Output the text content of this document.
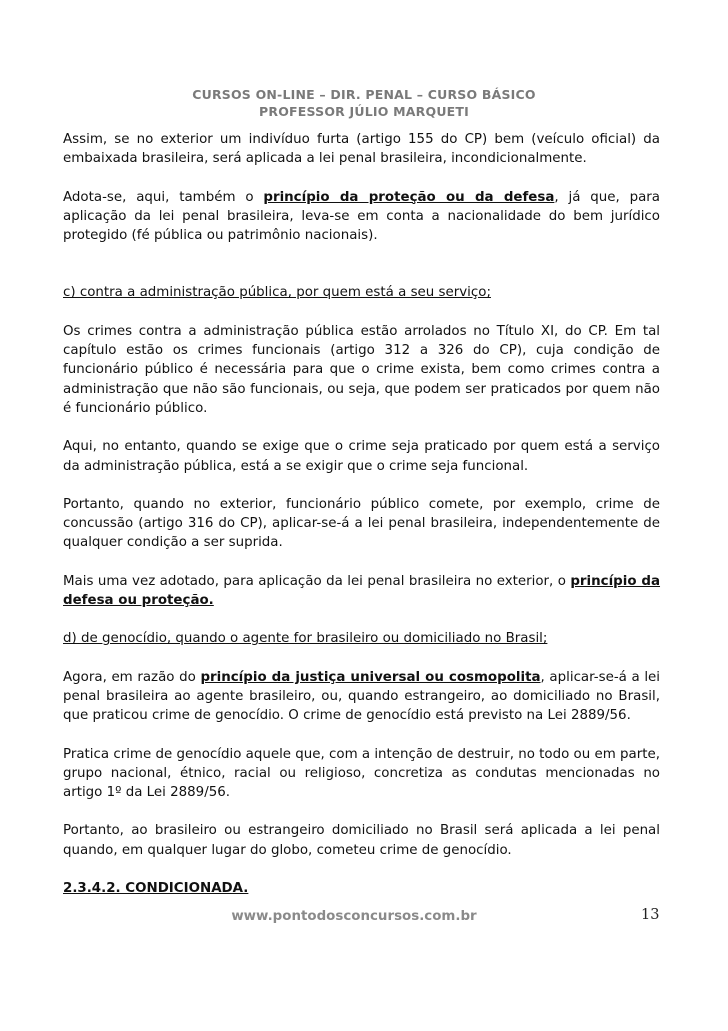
CURSOS ON-LINE – DIR. PENAL – CURSO BÁSICO
PROFESSOR JÚLIO MARQUETI

Assim, se no exterior um indivíduo furta (artigo 155 do CP) bem (veículo oficial) da embaixada brasileira, será aplicada a lei penal brasileira, incondicionalmente.

Adota-se, aqui, também o princípio da proteção ou da defesa, já que, para aplicação da lei penal brasileira, leva-se em conta a nacionalidade do bem jurídico protegido (fé pública ou patrimônio nacionais).

c) contra a administração pública, por quem está a seu serviço;

Os crimes contra a administração pública estão arrolados no Título XI, do CP. Em tal capítulo estão os crimes funcionais (artigo 312 a 326 do CP), cuja condição de funcionário público é necessária para que o crime exista, bem como crimes contra a administração que não são funcionais, ou seja, que podem ser praticados por quem não é funcionário público.

Aqui, no entanto, quando se exige que o crime seja praticado por quem está a serviço da administração pública, está a se exigir que o crime seja funcional.

Portanto, quando no exterior, funcionário público comete, por exemplo, crime de concussão (artigo 316 do CP), aplicar-se-á a lei penal brasileira, independentemente de qualquer condição a ser suprida.

Mais uma vez adotado, para aplicação da lei penal brasileira no exterior, o princípio da defesa ou proteção.

d) de genocídio, quando o agente for brasileiro ou domiciliado no Brasil;

Agora, em razão do princípio da justiça universal ou cosmopolita, aplicar-se-á a lei penal brasileira ao agente brasileiro, ou, quando estrangeiro, ao domiciliado no Brasil, que praticou crime de genocídio. O crime de genocídio está previsto na Lei 2889/56.

Pratica crime de genocídio aquele que, com a intenção de destruir, no todo ou em parte, grupo nacional, étnico, racial ou religioso, concretiza as condutas mencionadas no artigo 1º da Lei 2889/56.

Portanto, ao brasileiro ou estrangeiro domiciliado no Brasil será aplicada a lei penal quando, em qualquer lugar do globo, cometeu crime de genocídio.

2.3.4.2. CONDICIONADA.

www.pontodosconcursos.com.br	13
